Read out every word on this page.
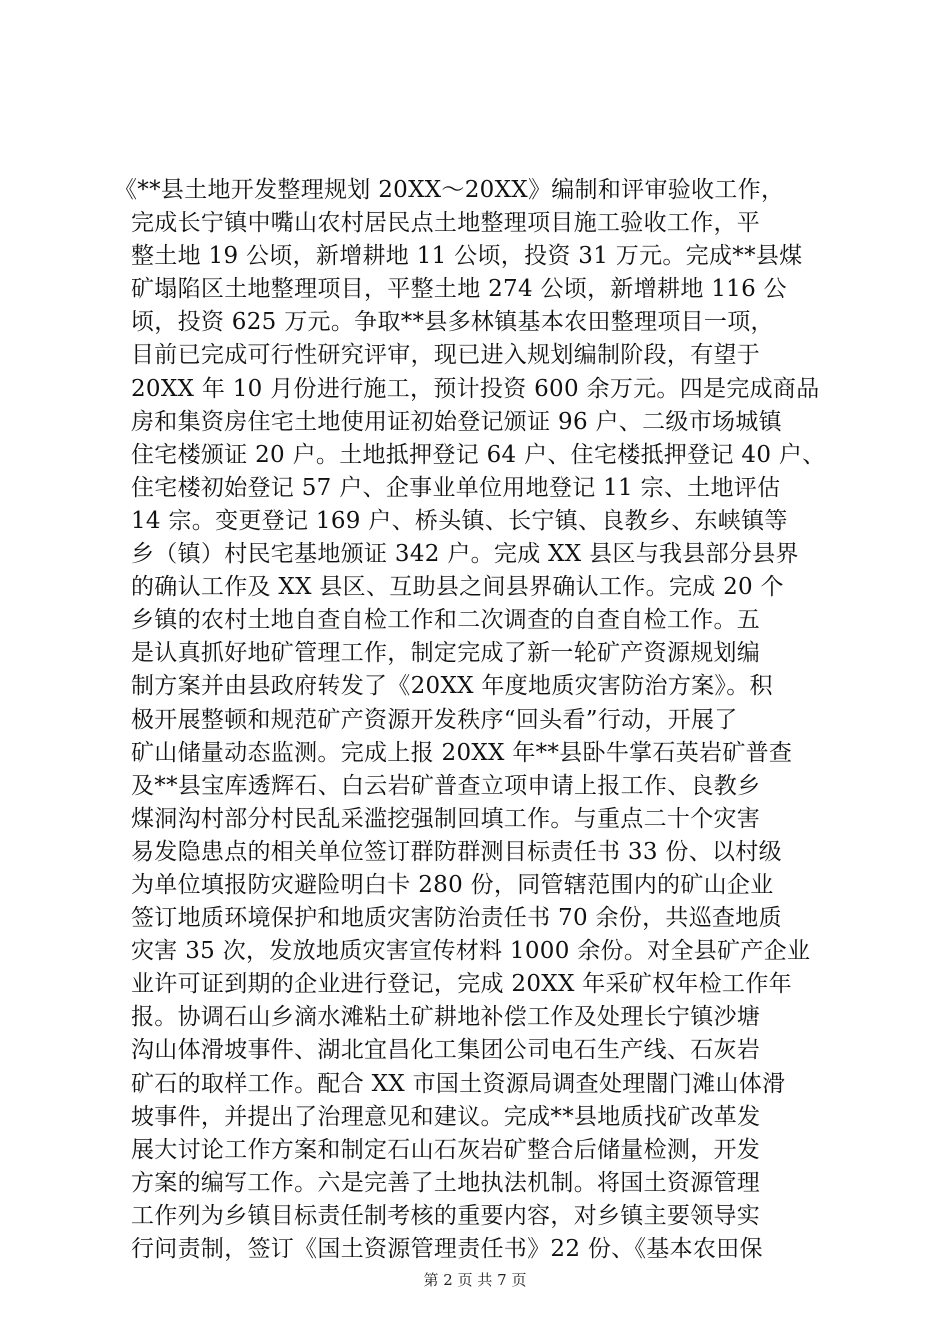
《**县土地开发整理规划 20XX～20XX》编制和评审验收工作，
完成长宁镇中嘴山农村居民点土地整理项目施工验收工作，平
整土地 19 公顷，新增耕地 11 公顷，投资 31 万元。完成**县煤
矿塌陷区土地整理项目，平整土地 274 公顷，新增耕地 116 公
顷，投资 625 万元。争取**县多林镇基本农田整理项目一项，
目前已完成可行性研究评审，现已进入规划编制阶段，有望于
20XX 年 10 月份进行施工，预计投资 600 余万元。四是完成商品
房和集资房住宅土地使用证初始登记颁证 96 户、二级市场城镇
住宅楼颁证 20 户。土地抵押登记 64 户、住宅楼抵押登记 40 户、
住宅楼初始登记 57 户、企事业单位用地登记 11 宗、土地评估
14 宗。变更登记 169 户、桥头镇、长宁镇、良教乡、东峡镇等
乡（镇）村民宅基地颁证 342 户。完成 XX 县区与我县部分县界
的确认工作及 XX 县区、互助县之间县界确认工作。完成 20 个
乡镇的农村土地自查自检工作和二次调查的自查自检工作。五
是认真抓好地矿管理工作，制定完成了新一轮矿产资源规划编
制方案并由县政府转发了《20XX 年度地质灾害防治方案》。积
极开展整顿和规范矿产资源开发秩序“回头看”行动，开展了
矿山储量动态监测。完成上报 20XX 年**县卧牛掌石英岩矿普查
及**县宝库透辉石、白云岩矿普查立项申请上报工作、良教乡
煤洞沟村部分村民乱采滥挖强制回填工作。与重点二十个灾害
易发隐患点的相关单位签订群防群测目标责任书 33 份、以村级
为单位填报防灾避险明白卡 280 份，同管辖范围内的矿山企业
签订地质环境保护和地质灾害防治责任书 70 余份，共巡查地质
灾害 35 次，发放地质灾害宣传材料 1000 余份。对全县矿产企业
业许可证到期的企业进行登记，完成 20XX 年采矿权年检工作年
报。协调石山乡滴水滩粘土矿耕地补偿工作及处理长宁镇沙塘
沟山体滑坡事件、湖北宜昌化工集团公司电石生产线、石灰岩
矿石的取样工作。配合 XX 市国土资源局调查处理闇门滩山体滑
坡事件，并提出了治理意见和建议。完成**县地质找矿改革发
展大讨论工作方案和制定石山石灰岩矿整合后储量检测，开发
方案的编写工作。六是完善了土地执法机制。将国土资源管理
工作列为乡镇目标责任制考核的重要内容，对乡镇主要领导实
行问责制，签订《国土资源管理责任书》22 份、《基本农田保
第 2 页 共 7 页
